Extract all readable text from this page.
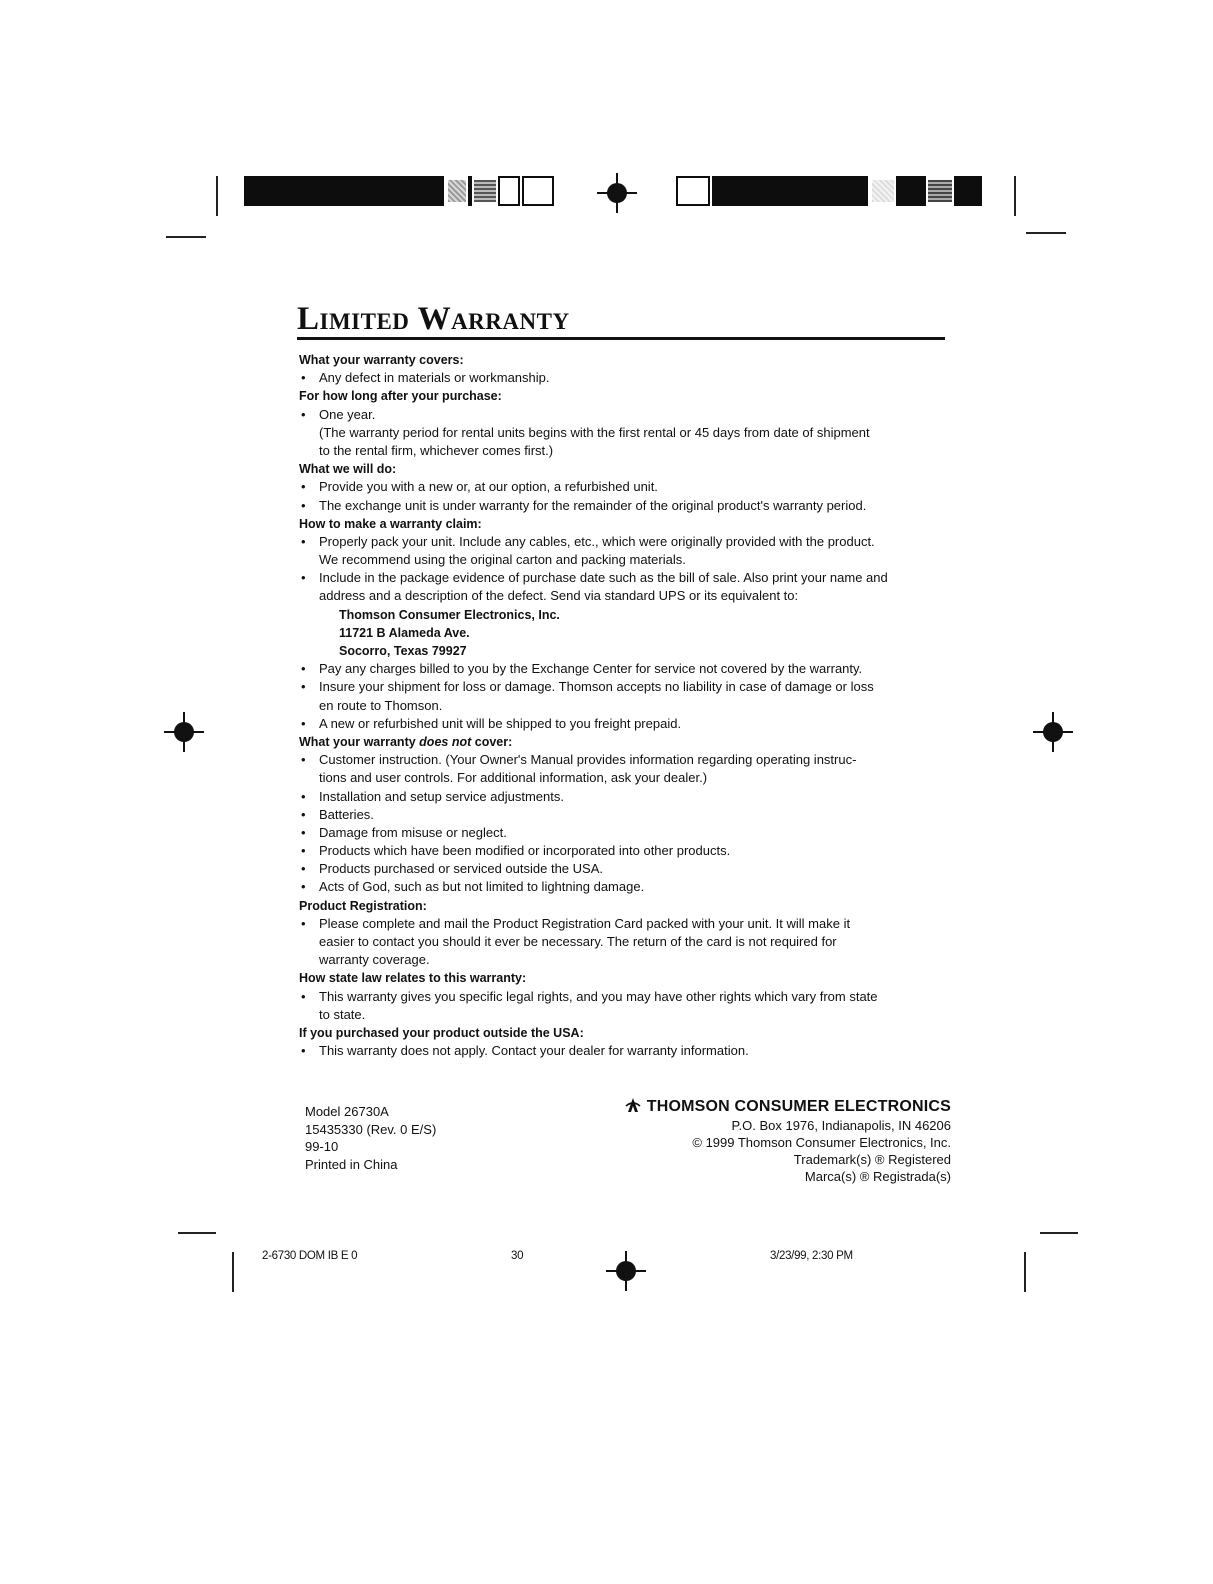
Limited Warranty
What your warranty covers:
• Any defect in materials or workmanship.
For how long after your purchase:
• One year.
(The warranty period for rental units begins with the first rental or 45 days from date of shipment
to the rental firm, whichever comes first.)
What we will do:
• Provide you with a new or, at our option, a refurbished unit.
• The exchange unit is under warranty for the remainder of the original product's warranty period.
How to make a warranty claim:
• Properly pack your unit. Include any cables, etc., which were originally provided with the product.
We recommend using the original carton and packing materials.
• Include in the package evidence of purchase date such as the bill of sale. Also print your name and
address and a description of the defect. Send via standard UPS or its equivalent to:
Thomson Consumer Electronics, Inc.
11721 B Alameda Ave.
Socorro, Texas 79927
• Pay any charges billed to you by the Exchange Center for service not covered by the warranty.
• Insure your shipment for loss or damage. Thomson accepts no liability in case of damage or loss
en route to Thomson.
• A new or refurbished unit will be shipped to you freight prepaid.
What your warranty does not cover:
• Customer instruction. (Your Owner's Manual provides information regarding operating instruc-
tions and user controls. For additional information, ask your dealer.)
• Installation and setup service adjustments.
• Batteries.
• Damage from misuse or neglect.
• Products which have been modified or incorporated into other products.
• Products purchased or serviced outside the USA.
• Acts of God, such as but not limited to lightning damage.
Product Registration:
• Please complete and mail the Product Registration Card packed with your unit. It will make it
easier to contact you should it ever be necessary. The return of the card is not required for
warranty coverage.
How state law relates to this warranty:
• This warranty gives you specific legal rights, and you may have other rights which vary from state
to state.
If you purchased your product outside the USA:
• This warranty does not apply. Contact your dealer for warranty information.
Model 26730A
15435330 (Rev. 0 E/S)
99-10
Printed in China
THOMSON CONSUMER ELECTRONICS
P.O. Box 1976, Indianapolis, IN 46206
© 1999 Thomson Consumer Electronics, Inc.
Trademark(s) ® Registered
Marca(s) ® Registrada(s)
2-6730 DOM IB E 0	30	3/23/99, 2:30 PM
